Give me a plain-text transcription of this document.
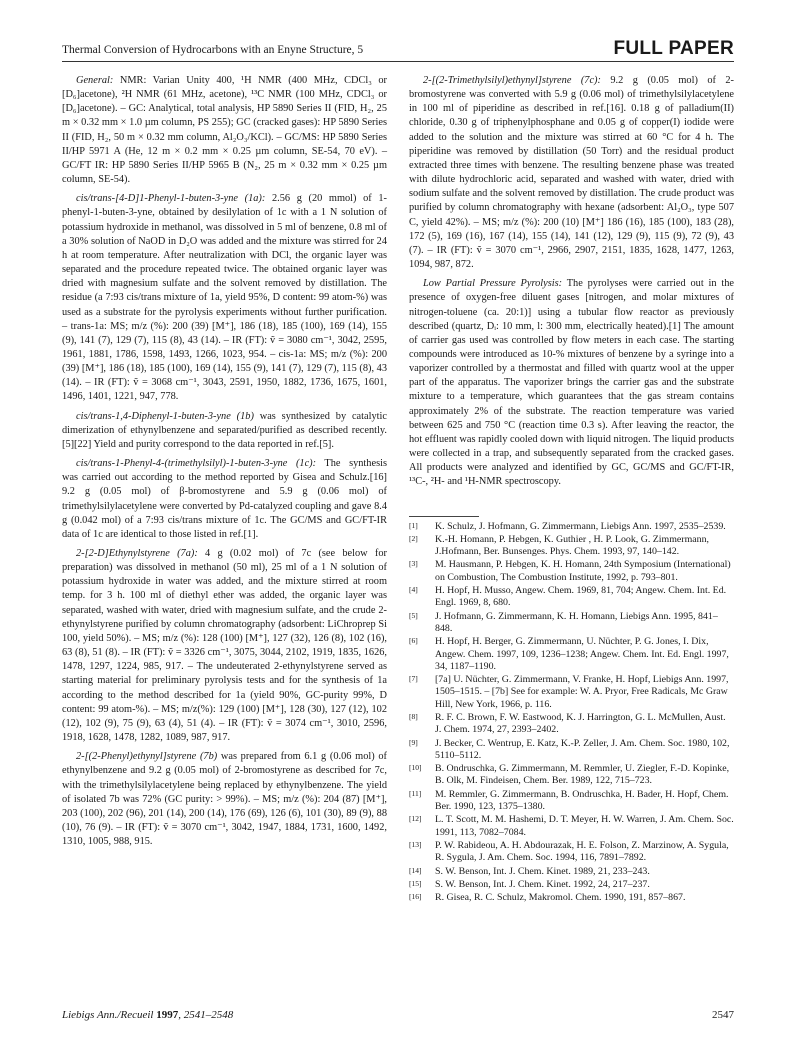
Thermal Conversion of Hydrocarbons with an Enyne Structure, 5	FULL PAPER

General: NMR: Varian Unity 400, ¹H NMR (400 MHz, CDCl₃ or [D₆]acetone), ²H NMR (61 MHz, acetone), ¹³C NMR (100 MHz, CDCl₃ or [D₆]acetone). – GC: Analytical, total analysis, HP 5890 Series II (FID, H₂, 25 m × 0.32 mm × 1.0 µm column, PS 255); GC (cracked gases): HP 5890 Series II (FID, H₂, 50 m × 0.32 mm column, Al₂O₃/KCl). – GC/MS: HP 5890 Series II/HP 5971 A (He, 12 m × 0.2 mm × 0.25 µm column, SE-54, 70 eV). – GC/FT IR: HP 5890 Series II/HP 5965 B (N₂, 25 m × 0.32 mm × 0.25 µm column, SE-54).

cis/trans-[4-D]1-Phenyl-1-buten-3-yne (1a): 2.56 g (20 mmol) of 1-phenyl-1-buten-3-yne, obtained by desilylation of 1c with a 1 N solution of potassium hydroxide in methanol, was dissolved in 5 ml of benzene, 0.8 ml of a 30% solution of NaOD in D₂O was added and the mixture was stirred for 24 h at room temperature. After neutralization with DCl, the organic layer was separated and the procedure repeated twice. The obtained organic layer was dried with magnesium sulfate and the solvent removed by distillation. The residue (a 7:93 cis/trans mixture of 1a, yield 95%, D content: 99 atom-%) was used as a substrate for the pyrolysis experiments without further purification. – trans-1a: MS; m/z (%): 200 (39) [M⁺], 186 (18), 185 (100), 169 (14), 155 (9), 141 (7), 129 (7), 115 (8), 43 (14). – IR (FT): ṽ = 3080 cm⁻¹, 3042, 2595, 1961, 1881, 1786, 1598, 1493, 1266, 1023, 954. – cis-1a: MS; m/z (%): 200 (39) [M⁺], 186 (18), 185 (100), 169 (14), 155 (9), 141 (7), 129 (7), 115 (8), 43 (14). – IR (FT): ṽ = 3068 cm⁻¹, 3043, 2591, 1950, 1882, 1736, 1675, 1601, 1496, 1401, 1221, 947, 778.

cis/trans-1,4-Diphenyl-1-buten-3-yne (1b) was synthesized by catalytic dimerization of ethynylbenzene and separated/purified as described recently.[5][22] Yield and purity correspond to the data reported in ref.[5].

cis/trans-1-Phenyl-4-(trimethylsilyl)-1-buten-3-yne (1c): The synthesis was carried out according to the method reported by Gisea and Schulz.[16] 9.2 g (0.05 mol) of β-bromostyrene and 5.9 g (0.06 mol) of trimethylsilylacetylene were converted by Pd-catalyzed coupling and gave 8.4 g (0.042 mol) of a 7:93 cis/trans mixture of 1c. The GC/MS and GC/FT-IR data of 1c are identical to those listed in ref.[1].

2-[2-D]Ethynylstyrene (7a): 4 g (0.02 mol) of 7c (see below for preparation) was dissolved in methanol (50 ml), 25 ml of a 1 N solution of potassium hydroxide in water was added, and the mixture stirred at room temp. for 3 h. 100 ml of diethyl ether was added, the organic layer was separated, washed with water, dried with magnesium sulfate, and the crude 2-ethynylstyrene purified by column chromatography (adsorbent: LiChroprep Si 100, yield 50%). – MS; m/z (%): 128 (100) [M⁺], 127 (32), 126 (8), 102 (16), 63 (8), 51 (8). – IR (FT): ṽ = 3326 cm⁻¹, 3075, 3044, 2102, 1919, 1835, 1626, 1478, 1297, 1224, 985, 917. – The undeuterated 2-ethynylstyrene served as starting material for preliminary pyrolysis tests and for the synthesis of 1a according to the method described for 1a (yield 90%, GC-purity 99%, D content: 99 atom-%). – MS; m/z(%): 129 (100) [M⁺], 128 (30), 127 (12), 102 (12), 102 (9), 75 (9), 63 (4), 51 (4). – IR (FT): ṽ = 3074 cm⁻¹, 3010, 2596, 1918, 1628, 1478, 1282, 1089, 987, 917.

2-[(2-Phenyl)ethynyl]styrene (7b) was prepared from 6.1 g (0.06 mol) of ethynylbenzene and 9.2 g (0.05 mol) of 2-bromostyrene as described for 7c, with the trimethylsilylacetylene being replaced by ethynylbenzene. The yield of isolated 7b was 72% (GC purity: > 99%). – MS; m/z (%): 204 (87) [M⁺], 203 (100), 202 (96), 201 (14), 200 (14), 176 (69), 126 (6), 101 (30), 89 (9), 88 (10), 76 (9). – IR (FT): ṽ = 3070 cm⁻¹, 3042, 1947, 1884, 1731, 1600, 1492, 1310, 1005, 988, 915.

2-[(2-Trimethylsilyl)ethynyl]styrene (7c): 9.2 g (0.05 mol) of 2-bromostyrene was converted with 5.9 g (0.06 mol) of trimethylsilylacetylene in 100 ml of piperidine as described in ref.[16]. 0.18 g of palladium(II) chloride, 0.30 g of triphenylphosphane and 0.05 g of copper(I) iodide were added to the solution and the mixture was stirred at 60 °C for 4 h. The piperidine was removed by distillation (50 Torr) and the residual product extracted three times with benzene. The resulting benzene phase was treated with dilute hydrochloric acid, separated and washed with water, dried with sodium sulfate and the solvent removed by distillation. The crude product was purified by column chromatography with hexane (adsorbent: Al₂O₃, type 507 C, yield 42%). – MS; m/z (%): 200 (10) [M⁺] 186 (16), 185 (100), 183 (28), 172 (5), 169 (16), 167 (14), 155 (14), 141 (12), 129 (9), 115 (9), 72 (9), 43 (7). – IR (FT): ṽ = 3070 cm⁻¹, 2966, 2907, 2151, 1835, 1628, 1477, 1263, 1094, 987, 872.

Low Partial Pressure Pyrolysis: The pyrolyses were carried out in the presence of oxygen-free diluent gases [nitrogen, and molar mixtures of nitrogen-toluene (ca. 20:1)] using a tubular flow reactor as previously described (quartz, Dᵢ: 10 mm, l: 300 mm, electrically heated).[1] The amount of carrier gas used was controlled by flow meters in each case. The starting compounds were introduced as 10-% mixtures of benzene by a syringe into a vaporizer controlled by a thermostat and filled with quartz wool at the upper part of the apparatus. The vaporizer brings the carrier gas and the substrate mixture to a temperature, which guarantees that the gas stream contains approximately 2% of the substrate. The reaction temperature was varied between 625 and 750 °C (reaction time 0.3 s). After leaving the reactor, the hot effluent was rapidly cooled down with liquid nitrogen. The liquid products were collected in a trap, and subsequently separated from the cracked gases. All products were analyzed and identified by GC, GC/MS and GC/FT-IR, ¹³C-, ²H- and ¹H-NMR spectroscopy.

[1] K. Schulz, J. Hofmann, G. Zimmermann, Liebigs Ann. 1997, 2535–2539.
[2] K.-H. Homann, P. Hebgen, K. Guthier , H. P. Look, G. Zimmermann, J.Hofmann, Ber. Bunsenges. Phys. Chem. 1993, 97, 140–142.
[3] M. Hausmann, P. Hebgen, K. H. Homann, 24th Symposium (International) on Combustion, The Combustion Institute, 1992, p. 793–801.
[4] H. Hopf, H. Musso, Angew. Chem. 1969, 81, 704; Angew. Chem. Int. Ed. Engl. 1969, 8, 680.
[5] J. Hofmann, G. Zimmermann, K. H. Homann, Liebigs Ann. 1995, 841–848.
[6] H. Hopf, H. Berger, G. Zimmermann, U. Nüchter, P. G. Jones, I. Dix, Angew. Chem. 1997, 109, 1236–1238; Angew. Chem. Int. Ed. Engl. 1997, 34, 1187–1190.
[7] [7a] U. Nüchter, G. Zimmermann, V. Franke, H. Hopf, Liebigs Ann. 1997, 1505–1515. – [7b] See for example: W. A. Pryor, Free Radicals, Mc Graw Hill, New York, 1966, p. 116.
[8] R. F. C. Brown, F. W. Eastwood, K. J. Harrington, G. L. McMullen, Aust. J. Chem. 1974, 27, 2393–2402.
[9] J. Becker, C. Wentrup, E. Katz, K.-P. Zeller, J. Am. Chem. Soc. 1980, 102, 5110–5112.
[10] B. Ondruschka, G. Zimmermann, M. Remmler, U. Ziegler, F.-D. Kopinke, B. Olk, M. Findeisen, Chem. Ber. 1989, 122, 715–723.
[11] M. Remmler, G. Zimmermann, B. Ondruschka, H. Bader, H. Hopf, Chem. Ber. 1990, 123, 1375–1380.
[12] L. T. Scott, M. M. Hashemi, D. T. Meyer, H. W. Warren, J. Am. Chem. Soc. 1991, 113, 7082–7084.
[13] P. W. Rabideou, A. H. Abdourazak, H. E. Folson, Z. Marzinow, A. Sygula, R. Sygula, J. Am. Chem. Soc. 1994, 116, 7891–7892.
[14] S. W. Benson, Int. J. Chem. Kinet. 1989, 21, 233–243.
[15] S. W. Benson, Int. J. Chem. Kinet. 1992, 24, 217–237.
[16] R. Gisea, R. C. Schulz, Makromol. Chem. 1990, 191, 857–867.
Liebigs Ann./Recueil 1997, 2541–2548	2547
